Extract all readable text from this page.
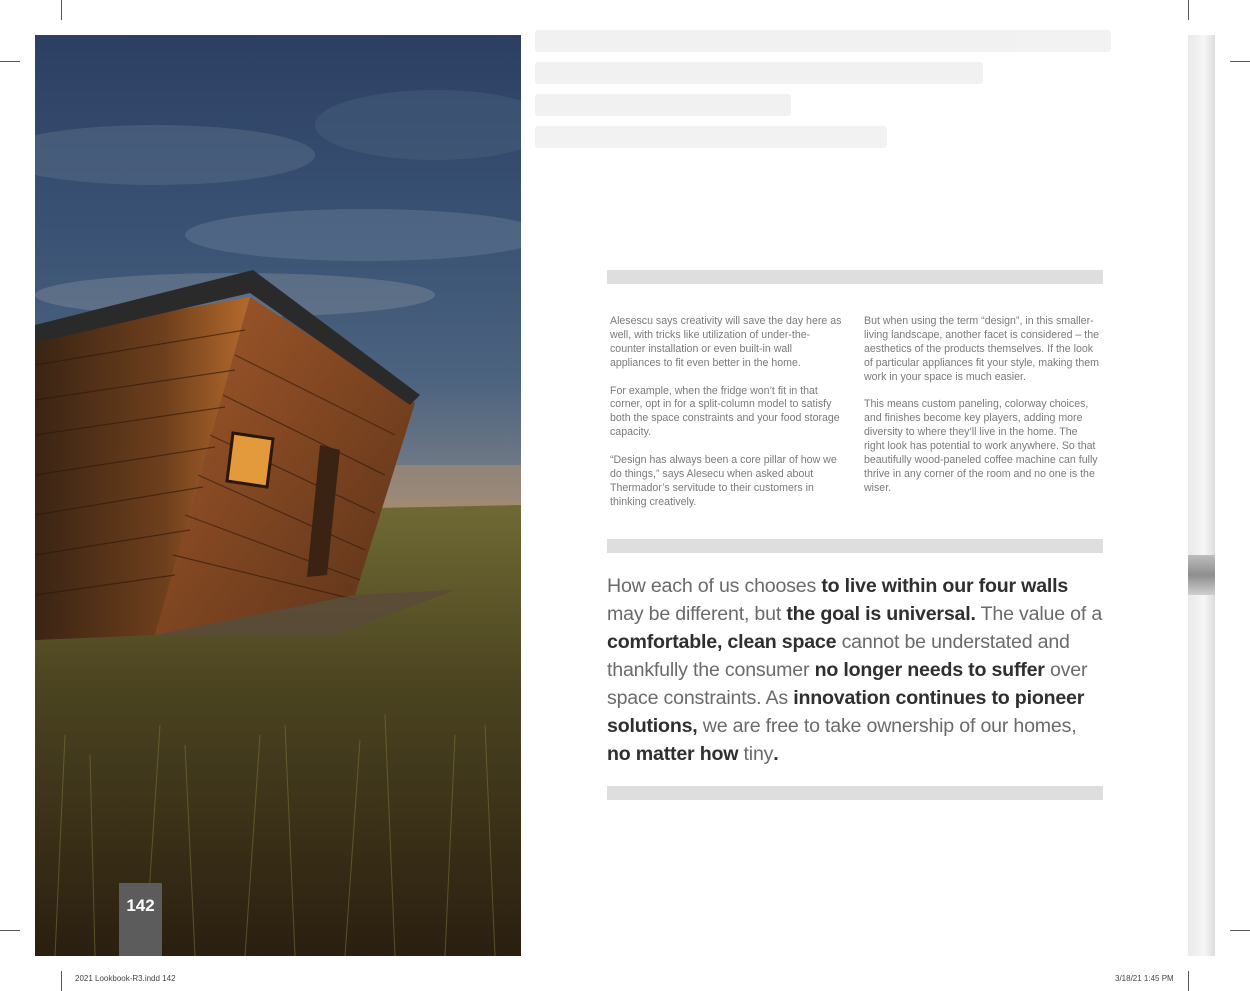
142

Alesescu says creativity will save the day here as well, with tricks like utilization of under-the-counter installation or even built-in wall appliances to fit even better in the home.

For example, when the fridge won’t fit in that corner, opt in for a split-column model to satisfy both the space constraints and your food storage capacity.

“Design has always been a core pillar of how we do things,” says Alesecu when asked about Thermador’s servitude to their customers in thinking creatively.

But when using the term “design”, in this smaller-living landscape, another facet is considered – the aesthetics of the products themselves. If the look of particular appliances fit your style, making them work in your space is much easier.

This means custom paneling, colorway choices, and finishes become key players, adding more diversity to where they’ll live in the home. The right look has potential to work anywhere. So that beautifully wood-paneled coffee machine can fully thrive in any corner of the room and no one is the wiser.

How each of us chooses to live within our four walls may be different, but the goal is universal. The value of a comfortable, clean space cannot be understated and thankfully the consumer no longer needs to suffer over space constraints. As innovation continues to pioneer solutions, we are free to take ownership of our homes, no matter how tiny.
2021 Lookbook-R3.indd 142	3/18/21 1:45 PM
